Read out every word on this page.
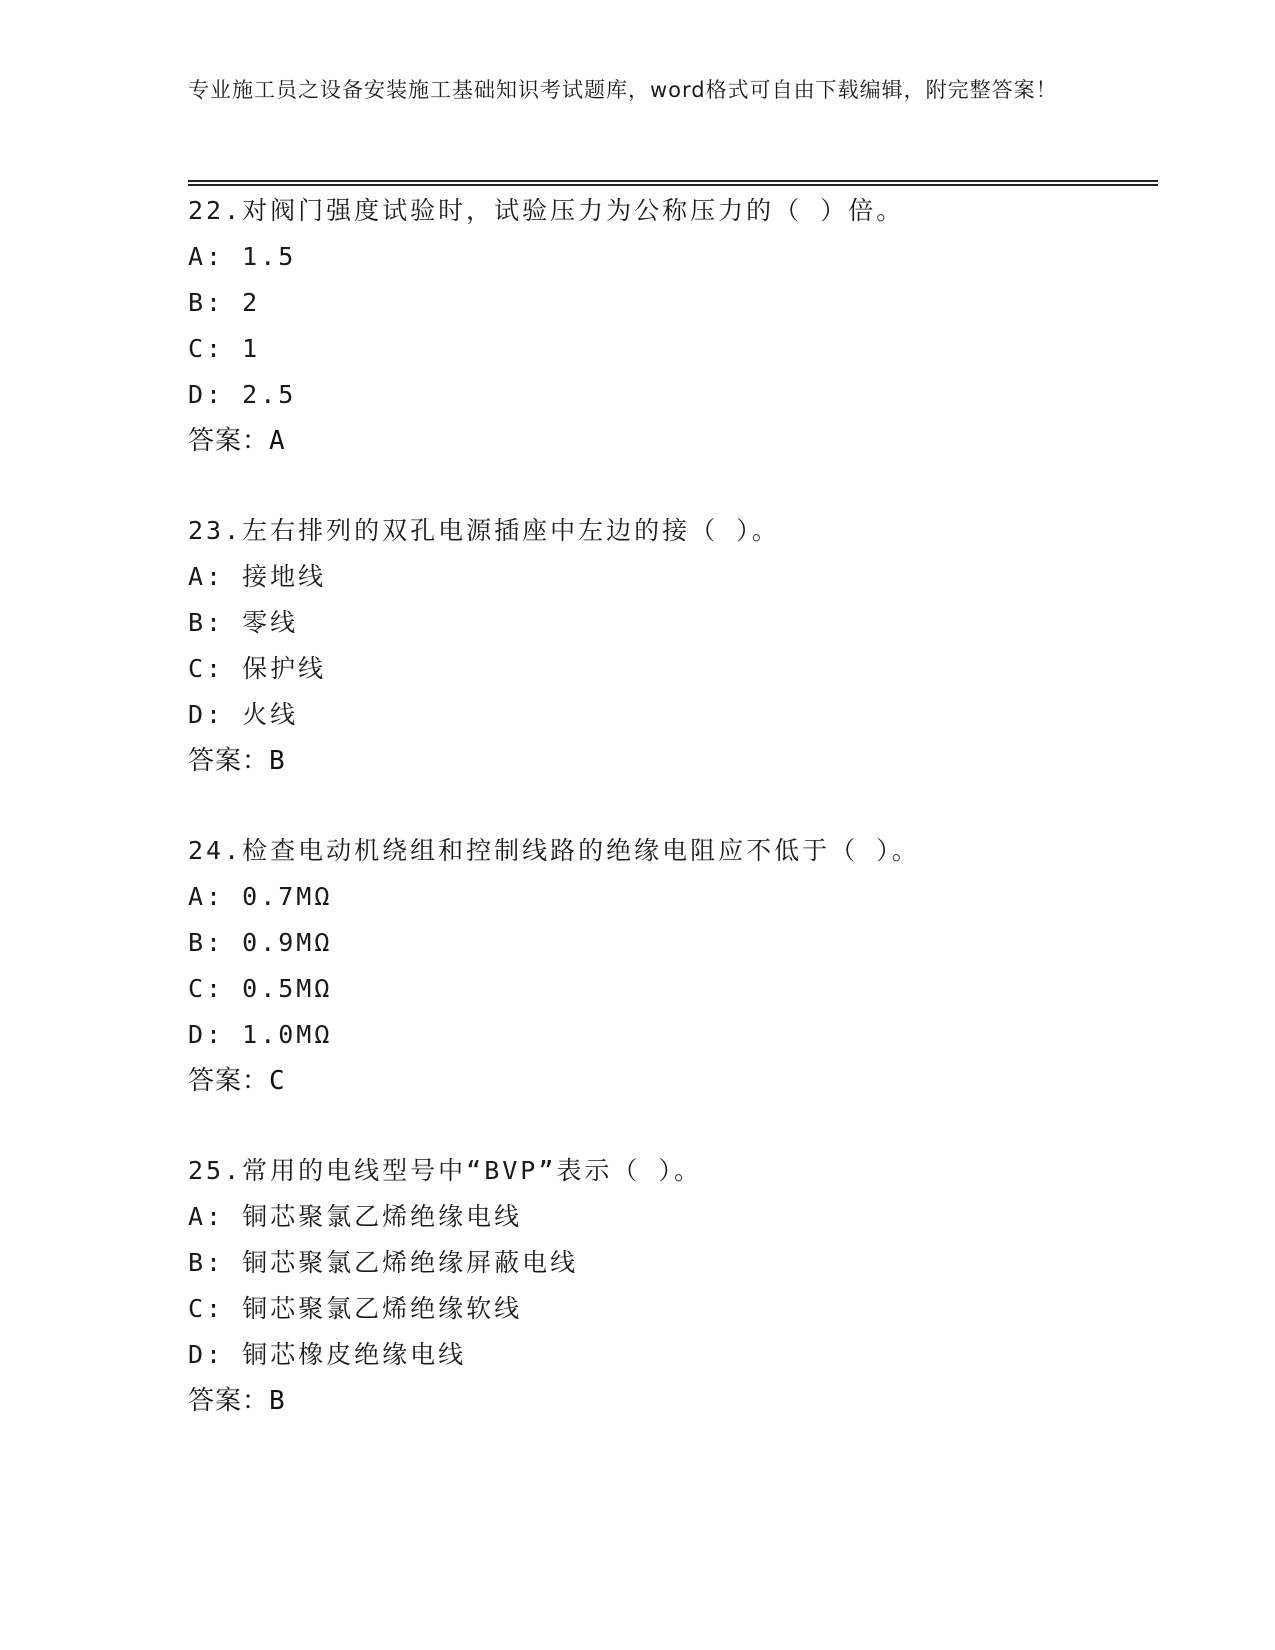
专业施工员之设备安装施工基础知识考试题库，word格式可自由下载编辑，附完整答案！
22.对阀门强度试验时，试验压力为公称压力的（ ）倍。
A: 1.5
B: 2
C: 1
D: 2.5
答案：A
23.左右排列的双孔电源插座中左边的接（ ）。
A: 接地线
B: 零线
C: 保护线
D: 火线
答案：B
24.检查电动机绕组和控制线路的绝缘电阻应不低于（ ）。
A: 0.7MΩ
B: 0.9MΩ
C: 0.5MΩ
D: 1.0MΩ
答案：C
25.常用的电线型号中“BVP”表示（ ）。
A: 铜芯聚氯乙烯绝缘电线
B: 铜芯聚氯乙烯绝缘屏蔽电线
C: 铜芯聚氯乙烯绝缘软线
D: 铜芯橡皮绝缘电线
答案：B
